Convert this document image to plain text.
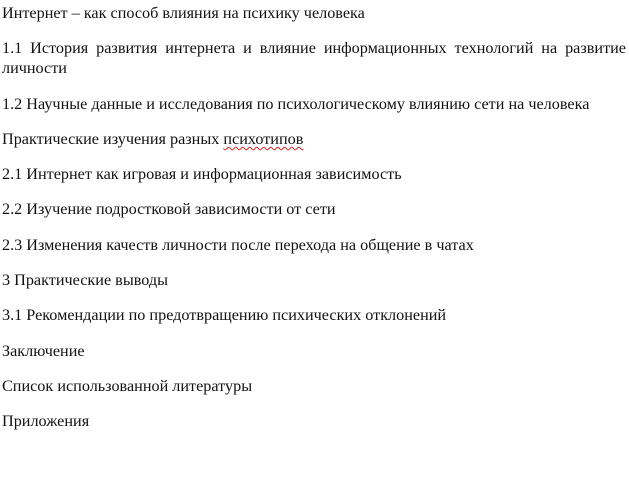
Интернет – как способ влияния на психику человека

1.1 История развития интернета и влияние информационных технологий на развитие личности

1.2 Научные данные и исследования по психологическому влиянию сети на человека

Практические изучения разных психотипов

2.1 Интернет как игровая и информационная зависимость

2.2 Изучение подростковой зависимости от сети

2.3 Изменения качеств личности после перехода на общение в чатах

3 Практические выводы

3.1 Рекомендации по предотвращению психических отклонений

Заключение

Список использованной литературы

Приложения
